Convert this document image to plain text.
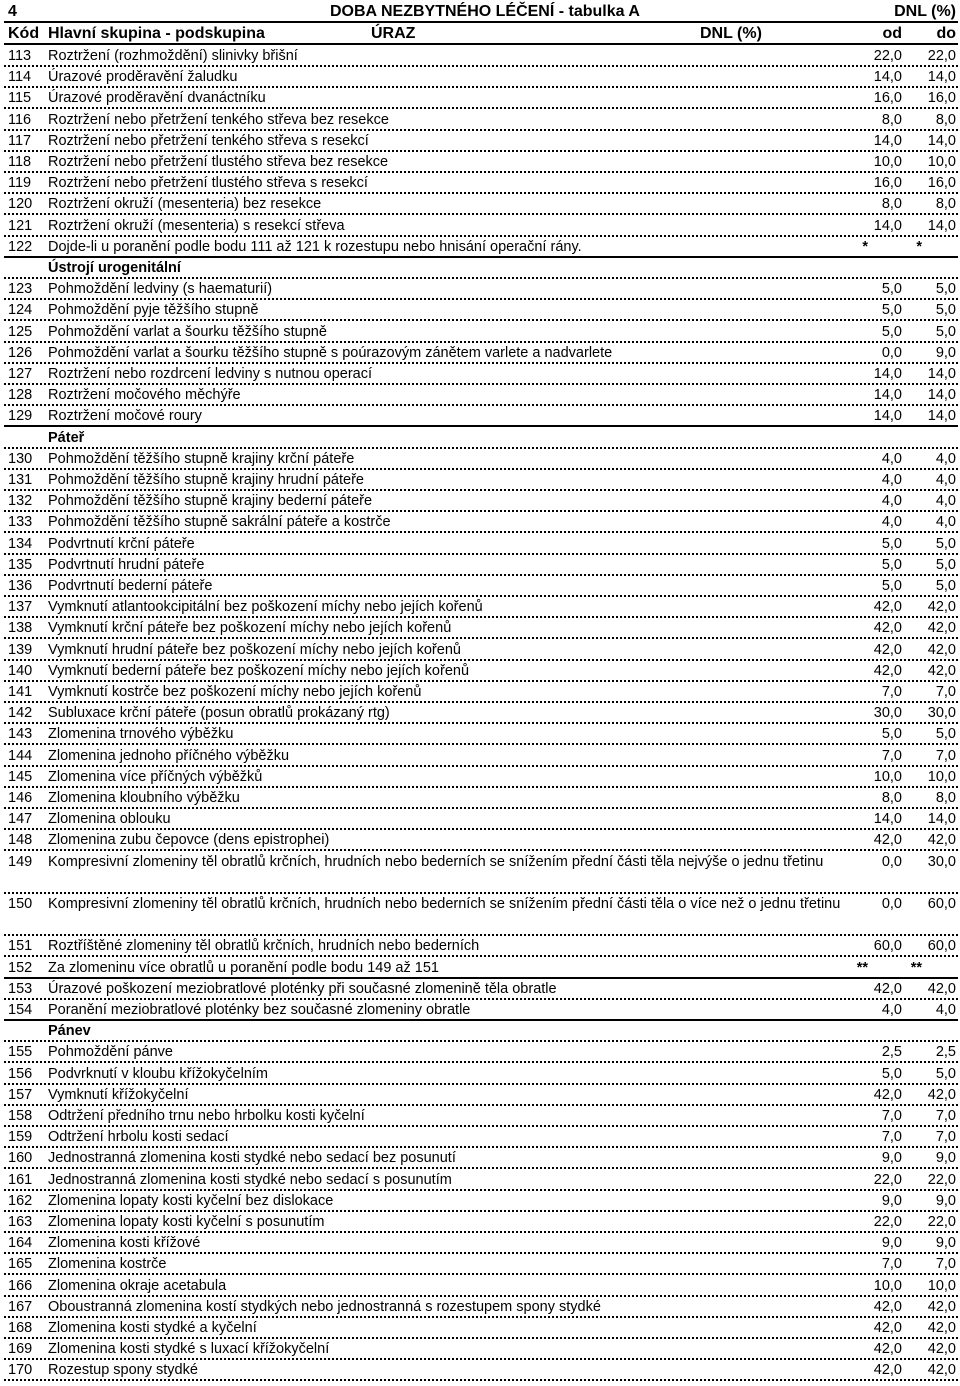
4	DOBA NEZBYTNÉHO LÉČENÍ - tabulka A	DNL (%)
Kód Hlavní skupina - podskupina	ÚRAZ	DNL (%)	od do
113 Roztržení (rozhmoždění) slinivky břišní	22,0 22,0
114 Úrazové proděravění žaludku	14,0 14,0
115 Úrazové proděravění dvanáctníku	16,0 16,0
116 Roztržení nebo přetržení tenkého střeva bez resekce	8,0 8,0
117 Roztržení nebo přetržení tenkého střeva s resekcí	14,0 14,0
118 Roztržení nebo přetržení tlustého střeva bez resekce	10,0 10,0
119 Roztržení nebo přetržení tlustého střeva s resekcí	16,0 16,0
120 Roztržení okruží (mesenteria) bez resekce	8,0 8,0
121 Roztržení okruží (mesenteria) s resekcí střeva	14,0 14,0
122 Dojde-li u poranění podle bodu 111 až 121 k rozestupu nebo hnisání operační rány.	*	*
Ústrojí urogenitální
123 Pohmoždění ledviny (s haematurií)	5,0 5,0
124 Pohmoždění pyje těžšího stupně	5,0 5,0
125 Pohmoždění varlat a šourku těžšího stupně	5,0 5,0
126 Pohmoždění varlat a šourku těžšího stupně s poúrazovým zánětem varlete a nadvarlete	0,0 9,0
127 Roztržení nebo rozdrcení ledviny s nutnou operací	14,0 14,0
128 Roztržení močového měchýře	14,0 14,0
129 Roztržení močové roury	14,0 14,0
Páteř
130 Pohmoždění těžšího stupně krajiny krční páteře	4,0 4,0
131 Pohmoždění těžšího stupně krajiny hrudní páteře	4,0 4,0
132 Pohmoždění těžšího stupně krajiny bederní páteře	4,0 4,0
133 Pohmoždění těžšího stupně sakrální páteře a kostrče	4,0 4,0
134 Podvrtnutí krční páteře	5,0 5,0
135 Podvrtnutí hrudní páteře	5,0 5,0
136 Podvrtnutí bederní páteře	5,0 5,0
137 Vymknutí atlantookcipitální bez poškození míchy nebo jejích kořenů	42,0 42,0
138 Vymknutí krční páteře bez poškození míchy nebo jejích kořenů	42,0 42,0
139 Vymknutí hrudní páteře bez poškození míchy nebo jejích kořenů	42,0 42,0
140 Vymknutí bederní páteře bez poškození míchy nebo jejích kořenů	42,0 42,0
141 Vymknutí kostrče bez poškození míchy nebo jejích kořenů	7,0 7,0
142 Subluxace krční páteře (posun obratlů prokázaný rtg)	30,0 30,0
143 Zlomenina trnového výběžku	5,0 5,0
144 Zlomenina jednoho příčného výběžku	7,0 7,0
145 Zlomenina více příčných výběžků	10,0 10,0
146 Zlomenina kloubního výběžku	8,0 8,0
147 Zlomenina oblouku	14,0 14,0
148 Zlomenina zubu čepovce (dens epistrophei)	42,0 42,0
149 Kompresivní zlomeniny těl obratlů krčních, hrudních nebo bederních se snížením přední části těla nejvýše o jednu třetinu	0,0 30,0
150 Kompresivní zlomeniny těl obratlů krčních, hrudních nebo bederních se snížením přední části těla o více než o jednu třetinu	0,0 60,0
151 Roztříštěné zlomeniny těl obratlů krčních, hrudních nebo bederních	60,0 60,0
152 Za zlomeninu více obratlů u poranění podle bodu 149 až 151	**	**
153 Úrazové poškození meziobratlové ploténky při současné zlomenině těla obratle	42,0 42,0
154 Poranění meziobratlové ploténky bez současné zlomeniny obratle	4,0 4,0
Pánev
155 Pohmoždění pánve	2,5 2,5
156 Podvrknutí v kloubu křížokyčelním	5,0 5,0
157 Vymknutí křížokyčelní	42,0 42,0
158 Odtržení předního trnu nebo hrbolku kosti kyčelní	7,0 7,0
159 Odtržení hrbolu kosti sedací	7,0 7,0
160 Jednostranná zlomenina kosti stydké nebo sedací bez posunutí	9,0 9,0
161 Jednostranná zlomenina kosti stydké nebo sedací s posunutím	22,0 22,0
162 Zlomenina lopaty kosti kyčelní bez dislokace	9,0 9,0
163 Zlomenina lopaty kosti kyčelní s posunutím	22,0 22,0
164 Zlomenina kosti křížové	9,0 9,0
165 Zlomenina kostrče	7,0 7,0
166 Zlomenina okraje acetabula	10,0 10,0
167 Oboustranná zlomenina kostí stydkých nebo jednostranná s rozestupem spony stydké	42,0 42,0
168 Zlomenina kosti stydké a kyčelní	42,0 42,0
169 Zlomenina kosti stydké s luxací křížokyčelní	42,0 42,0
170 Rozestup spony stydké	42,0 42,0
